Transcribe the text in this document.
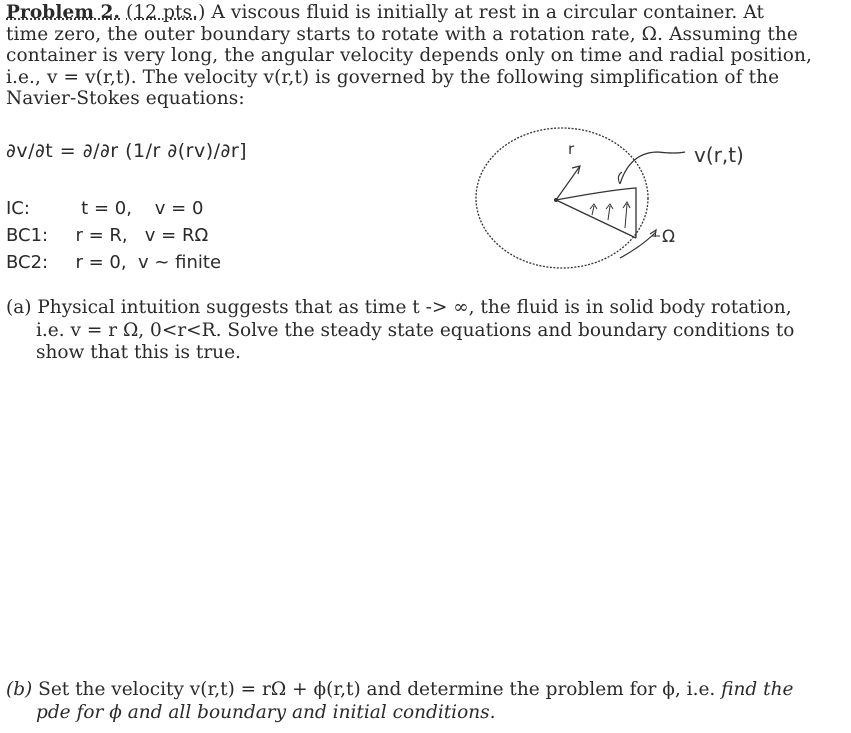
Problem 2. (12 pts.) A viscous fluid is initially at rest in a circular container. At
time zero, the outer boundary starts to rotate with a rotation rate, Ω. Assuming the
container is very long, the angular velocity depends only on time and radial position,
i.e., v = v(r,t). The velocity v(r,t) is governed by the following simplification of the
Navier-Stokes equations:
∂v/∂t = ∂/∂r (1/r ∂(rv)/∂r]
IC:	t = 0,    v = 0
BC1: r = R,   v = RΩ
BC2: r = 0,  v ~ finite
r	v(r,t)
Ω
(a) Physical intuition suggests that as time t -> ∞, the fluid is in solid body rotation,
i.e. v = r Ω, 0<r<R. Solve the steady state equations and boundary conditions to
show that this is true.
(b) Set the velocity v(r,t) = rΩ + ϕ(r,t) and determine the problem for ϕ, i.e. find the
pde for ϕ and all boundary and initial conditions.
